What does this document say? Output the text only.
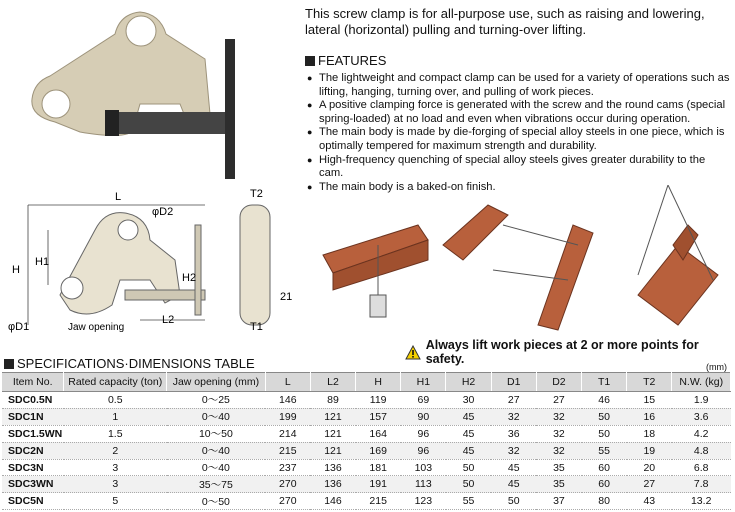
This screw clamp is for all-purpose use, such as raising and lowering, lateral (horizontal) pulling and turning-over lifting.
FEATURES
● The lightweight and compact clamp can be used for a variety of operations such as lifting, hanging, turning over, and pulling of work pieces.
● A positive clamping force is generated with the screw and the round cams (special spring-loaded) at no load and even when vibrations occur during operation.
● The main body is made by die-forging of special alloy steels in one piece, which is optimally tempered for maximum strength and durability.
● High-frequency quenching of special alloy steels gives greater durability to the cam.
● The main body is a baked-on finish.
L
φD2
H
H1
H2
φD1	Jaw opening
L2
T2
T1
21
Always lift work pieces at 2 or more points for safety.
SPECIFICATIONS·DIMENSIONS TABLE	(mm)
Item No.	Rated capacity (ton)	Jaw opening (mm)	L	L2	H	H1	H2	D1	D2	T1	T2	N.W. (kg)
SDC0.5N	0.5	0～25	146	89	119	69	30	27	27	46	15	1.9
SDC1N	1	0～40	199	121	157	90	45	32	32	50	16	3.6
SDC1.5WN	1.5	10～50	214	121	164	96	45	36	32	50	18	4.2
SDC2N	2	0～40	215	121	169	96	45	32	32	55	19	4.8
SDC3N	3	0～40	237	136	181	103	50	45	35	60	20	6.8
SDC3WN	3	35～75	270	136	191	113	50	45	35	60	27	7.8
SDC5N	5	0～50	270	146	215	123	55	50	37	80	43	13.2
